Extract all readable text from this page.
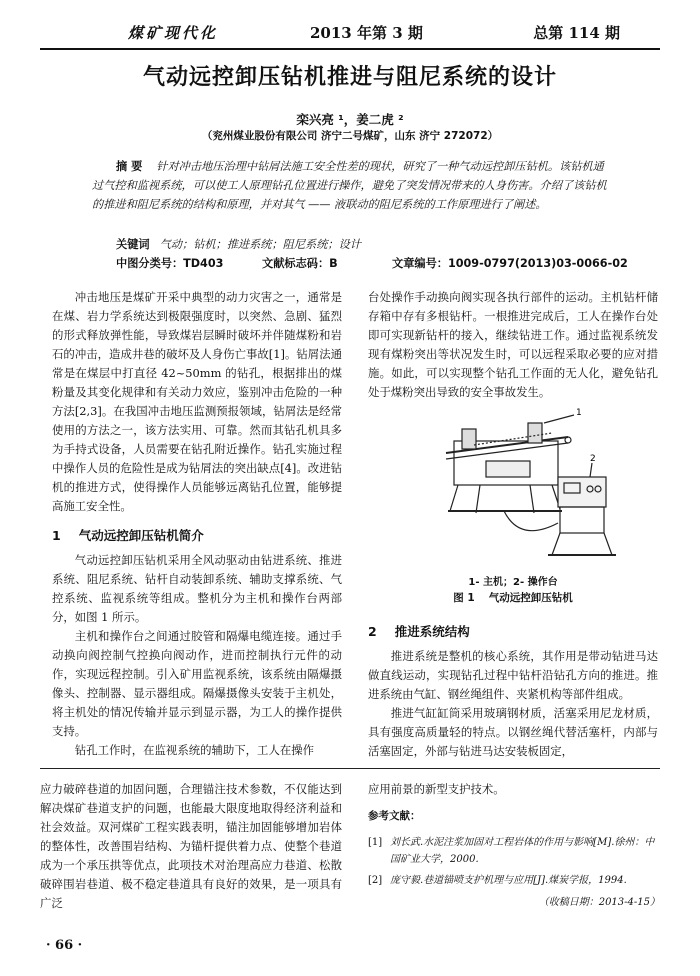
煤矿现代化	2013 年第 3 期	总第 114 期
气动远控卸压钻机推进与阻尼系统的设计
栾兴亮 ¹，姜二虎 ²
（兖州煤业股份有限公司 济宁二号煤矿，山东 济宁 272072）
摘 要 针对冲击地压治理中钻屑法施工安全性差的现状，研究了一种气动远控卸压钻机。该钻机通过气控和监视系统，可以使工人原理钻孔位置进行操作，避免了突发情况带来的人身伤害。介绍了该钻机的推进和阻尼系统的结构和原理，并对其气 —— 液联动的阻尼系统的工作原理进行了阐述。
关键词 气动；钻机；推进系统；阻尼系统；设计
中图分类号：TD403	文献标志码：B	文章编号：1009-0797(2013)03-0066-02

冲击地压是煤矿开采中典型的动力灾害之一，通常是在煤、岩力学系统达到极限强度时，以突然、急剧、猛烈的形式释放弹性能，导致煤岩层瞬时破坏并伴随煤粉和岩石的冲击，造成井巷的破坏及人身伤亡事故[1]。钻屑法通常是在煤层中打直径 42~50mm 的钻孔，根据排出的煤粉量及其变化规律和有关动力效应，鉴别冲击危险的一种方法[2,3]。在我国冲击地压监测预报领域，钻屑法是经常使用的方法之一，该方法实用、可靠。然而其钻孔机具多为手持式设备，人员需要在钻孔附近操作。钻孔实施过程中操作人员的危险性是成为钻屑法的突出缺点[4]。改进钻机的推进方式，使得操作人员能够远离钻孔位置，能够提高施工安全性。

1 气动远控卸压钻机简介

气动远控卸压钻机采用全风动驱动由钻进系统、推进系统、阻尼系统、钻杆自动装卸系统、辅助支撑系统、气控系统、监视系统等组成。整机分为主机和操作台两部分，如图 1 所示。

主机和操作台之间通过胶管和隔爆电缆连接。通过手动换向阀控制气控换向阀动作，进而控制执行元件的动作，实现远程控制。引入矿用监视系统，该系统由隔爆摄像头、控制器、显示器组成。隔爆摄像头安装于主机处，将主机处的情况传输并显示到显示器，为工人的操作提供支持。

钻孔工作时，在监视系统的辅助下，工人在操作

台处操作手动换向阀实现各执行部件的运动。主机钻杆储存箱中存有多根钻杆。一根推进完成后，工人在操作台处即可实现新钻杆的接入，继续钻进工作。通过监视系统发现有煤粉突出等状况发生时，可以远程采取必要的应对措施。如此，可以实现整个钻孔工作面的无人化，避免钻孔处于煤粉突出导致的安全事故发生。

1
2
1- 主机；2- 操作台
图 1 气动远控卸压钻机
2 推进系统结构

推进系统是整机的核心系统，其作用是带动钻进马达做直线运动，实现钻孔过程中钻杆沿钻孔方向的推进。推进系统由气缸、钢丝绳组件、夹紧机构等部件组成。

推进气缸缸筒采用玻璃钢材质，活塞采用尼龙材质，具有强度高质量轻的特点。以钢丝绳代替活塞杆，内部与活塞固定，外部与钻进马达安装板固定，

应力破碎巷道的加固问题，合理锚注技术参数，不仅能达到解决煤矿巷道支护的问题，也能最大限度地取得经济利益和社会效益。双河煤矿工程实践表明，锚注加固能够增加岩体的整体性，改善围岩结构、为锚杆提供着力点、使整个巷道成为一个承压拱等优点，此项技术对治理高应力巷道、松散破碎围岩巷道、极不稳定巷道具有良好的效果，是一项具有广泛
应用前景的新型支护技术。
参考文献：
[1] 刘长武.水泥注浆加固对工程岩体的作用与影响[M].徐州：中国矿业大学，2000.
[2] 庞守毅.巷道锚喷支护机理与应用[J].煤炭学报，1994.
（收稿日期：2013-4-15）
· 66 ·
